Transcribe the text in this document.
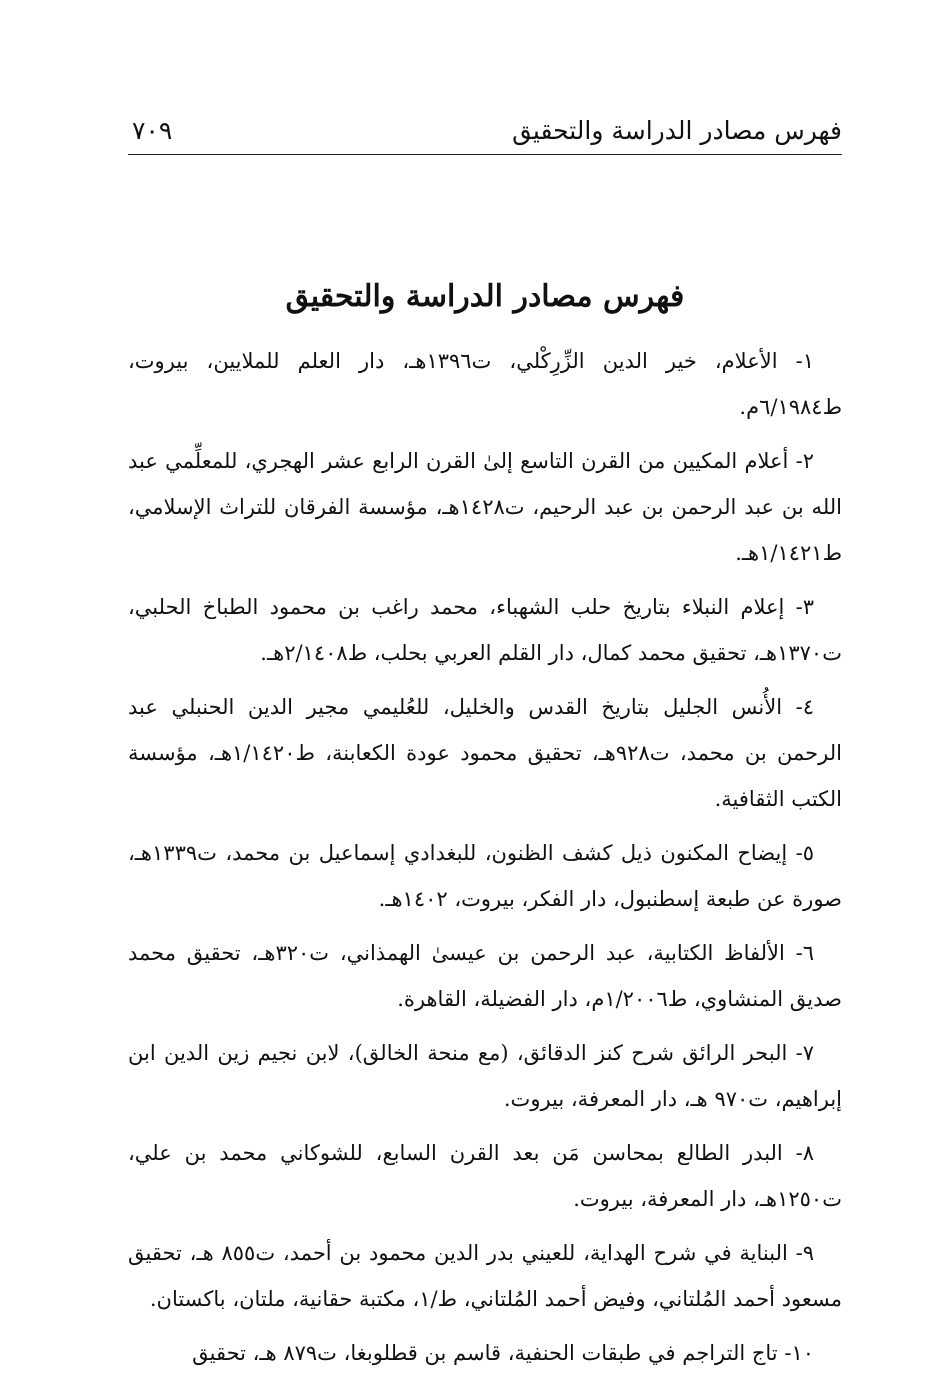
فهرس مصادر الدراسة والتحقيق
٧٠٩
فهرس مصادر الدراسة والتحقيق
١- الأعلام، خير الدين الزِّرِكْلي، ت١٣٩٦هـ، دار العلم للملايين، بيروت، ط٦/١٩٨٤م.
٢- أعلام المكيين من القرن التاسع إلىٰ القرن الرابع عشر الهجري، للمعلِّمي عبد الله بن عبد الرحمن بن عبد الرحيم، ت١٤٢٨هـ، مؤسسة الفرقان للتراث الإسلامي، ط١/١٤٢١هـ.
٣- إعلام النبلاء بتاريخ حلب الشهباء، محمد راغب بن محمود الطباخ الحلبي، ت١٣٧٠هـ، تحقيق محمد كمال، دار القلم العربي بحلب، ط٢/١٤٠٨هـ.
٤- الأُنس الجليل بتاريخ القدس والخليل، للعُليمي مجير الدين الحنبلي عبد الرحمن بن محمد، ت٩٢٨هـ، تحقيق محمود عودة الكعابنة، ط١/١٤٢٠هـ، مؤسسة الكتب الثقافية.
٥- إيضاح المكنون ذيل كشف الظنون، للبغدادي إسماعيل بن محمد، ت١٣٣٩هـ، صورة عن طبعة إسطنبول، دار الفكر، بيروت، ١٤٠٢هـ.
٦- الألفاظ الكتابية، عبد الرحمن بن عيسىٰ الهمذاني، ت٣٢٠هـ، تحقيق محمد صديق المنشاوي، ط١/٢٠٠٦م، دار الفضيلة، القاهرة.
٧- البحر الرائق شرح كنز الدقائق، (مع منحة الخالق)، لابن نجيم زين الدين ابن إبراهيم، ت٩٧٠ هـ، دار المعرفة، بيروت.
٨- البدر الطالع بمحاسن مَن بعد القرن السابع، للشوكاني محمد بن علي، ت١٢٥٠هـ، دار المعرفة، بيروت.
٩- البناية في شرح الهداية، للعيني بدر الدين محمود بن أحمد، ت٨٥٥ هـ، تحقيق مسعود أحمد المُلتاني، وفيض أحمد المُلتاني، ط/١، مكتبة حقانية، ملتان، باكستان.
١٠- تاج التراجم في طبقات الحنفية، قاسم بن قطلوبغا، ت٨٧٩ هـ، تحقيق
